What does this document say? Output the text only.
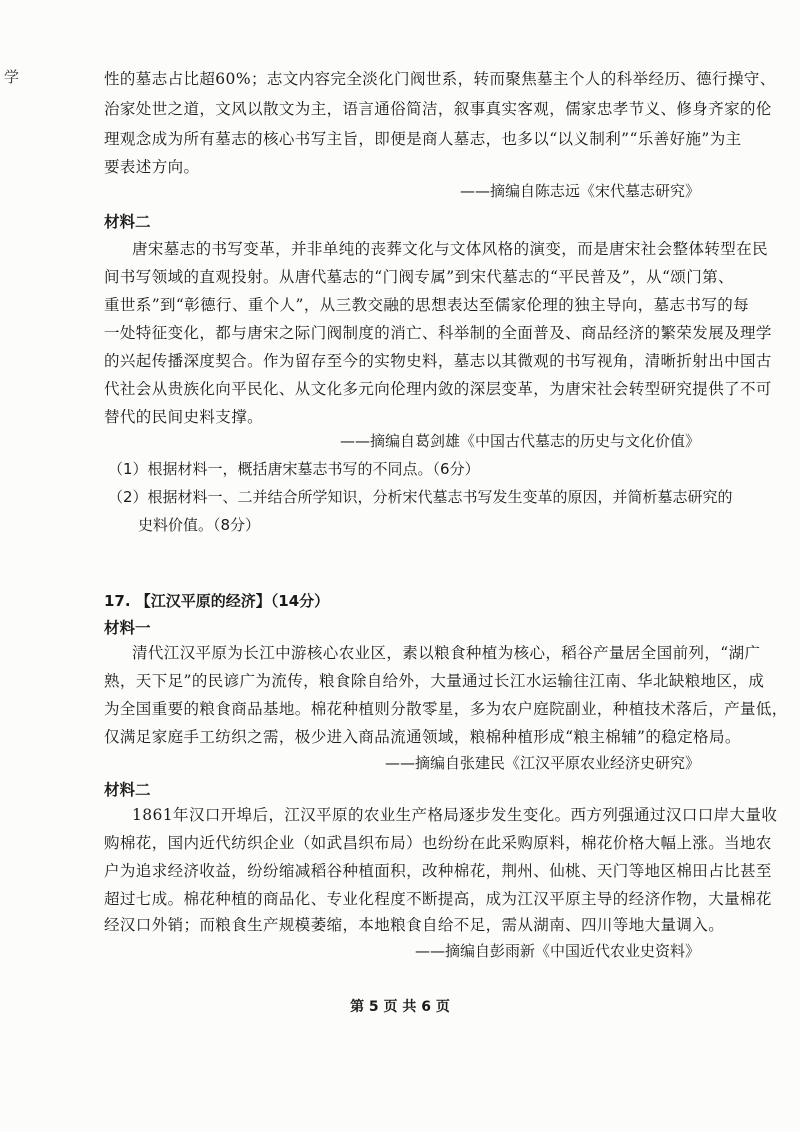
学	性的墓志占比超60%；志文内容完全淡化门阀世系，转而聚焦墓主个人的科举经历、德行操守、
治家处世之道，文风以散文为主，语言通俗简洁，叙事真实客观，儒家忠孝节义、修身齐家的伦
理观念成为所有墓志的核心书写主旨，即便是商人墓志，也多以“以义制利”“乐善好施”为主
要表述方向。
——摘编自陈志远《宋代墓志研究》
材料二
唐宋墓志的书写变革，并非单纯的丧葬文化与文体风格的演变，而是唐宋社会整体转型在民
间书写领域的直观投射。从唐代墓志的“门阀专属”到宋代墓志的“平民普及”，从“颂门第、
重世系”到“彰德行、重个人”，从三教交融的思想表达至儒家伦理的独主导向，墓志书写的每
一处特征变化，都与唐宋之际门阀制度的消亡、科举制的全面普及、商品经济的繁荣发展及理学
的兴起传播深度契合。作为留存至今的实物史料，墓志以其微观的书写视角，清晰折射出中国古
代社会从贵族化向平民化、从文化多元向伦理内敛的深层变革，为唐宋社会转型研究提供了不可
替代的民间史料支撑。
——摘编自葛剑雄《中国古代墓志的历史与文化价值》
（1）根据材料一，概括唐宋墓志书写的不同点。（6分）
（2）根据材料一、二并结合所学知识，分析宋代墓志书写发生变革的原因，并简析墓志研究的
史料价值。（8分）
17. 【江汉平原的经济】（14分）
材料一
清代江汉平原为长江中游核心农业区，素以粮食种植为核心，稻谷产量居全国前列，“湖广
熟，天下足”的民谚广为流传，粮食除自给外，大量通过长江水运输往江南、华北缺粮地区，成
为全国重要的粮食商品基地。棉花种植则分散零星，多为农户庭院副业，种植技术落后，产量低，
仅满足家庭手工纺织之需，极少进入商品流通领域，粮棉种植形成“粮主棉辅”的稳定格局。
——摘编自张建民《江汉平原农业经济史研究》
材料二
1861年汉口开埠后，江汉平原的农业生产格局逐步发生变化。西方列强通过汉口口岸大量收
购棉花，国内近代纺织企业（如武昌织布局）也纷纷在此采购原料，棉花价格大幅上涨。当地农
户为追求经济收益，纷纷缩减稻谷种植面积，改种棉花，荆州、仙桃、天门等地区棉田占比甚至
超过七成。棉花种植的商品化、专业化程度不断提高，成为江汉平原主导的经济作物，大量棉花
经汉口外销；而粮食生产规模萎缩，本地粮食自给不足，需从湖南、四川等地大量调入。
——摘编自彭雨新《中国近代农业史资料》
第 5 页 共 6 页
